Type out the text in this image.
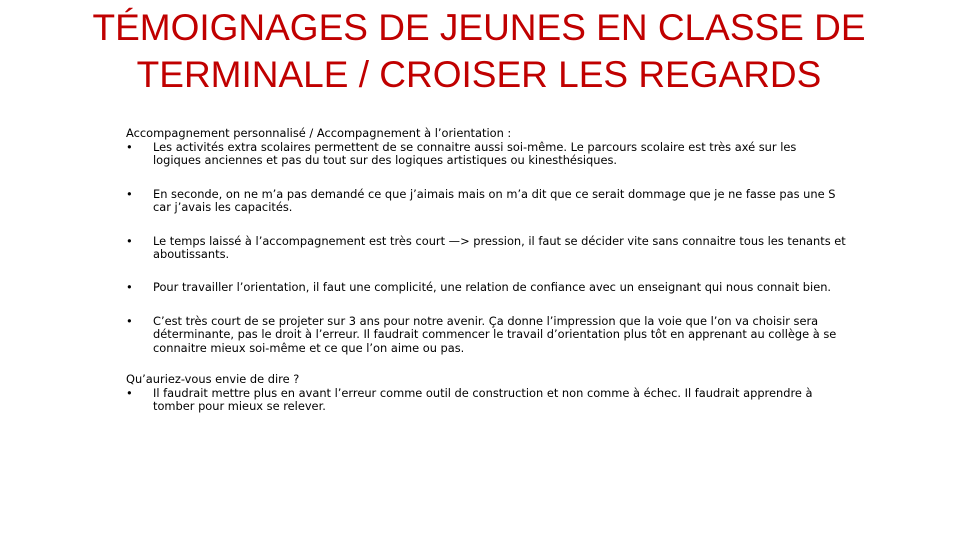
TÉMOIGNAGES DE JEUNES EN CLASSE DE
TERMINALE / CROISER LES REGARDS

Accompagnement personnalisé / Accompagnement à l’orientation :

• Les activités extra scolaires permettent de se connaitre aussi soi-même. Le parcours scolaire est très axé sur les logiques anciennes et pas du tout sur des logiques artistiques ou kinesthésiques.
• En seconde, on ne m’a pas demandé ce que j’aimais mais on m’a dit que ce serait dommage que je ne fasse pas une S car j’avais les capacités.
• Le temps laissé à l’accompagnement est très court —> pression, il faut se décider vite sans connaitre tous les tenants et aboutissants.
• Pour travailler l’orientation, il faut une complicité, une relation de confiance avec un enseignant qui nous connait bien.
• C’est très court de se projeter sur 3 ans pour notre avenir. Ça donne l’impression que la voie que l’on va choisir sera déterminante, pas le droit à l’erreur. Il faudrait commencer le travail d’orientation plus tôt en apprenant au collège à se connaitre mieux soi-même et ce que l’on aime ou pas.

Qu’auriez-vous envie de dire ?

• Il faudrait mettre plus en avant l’erreur comme outil de construction et non comme à échec. Il faudrait apprendre à tomber pour mieux se relever.
